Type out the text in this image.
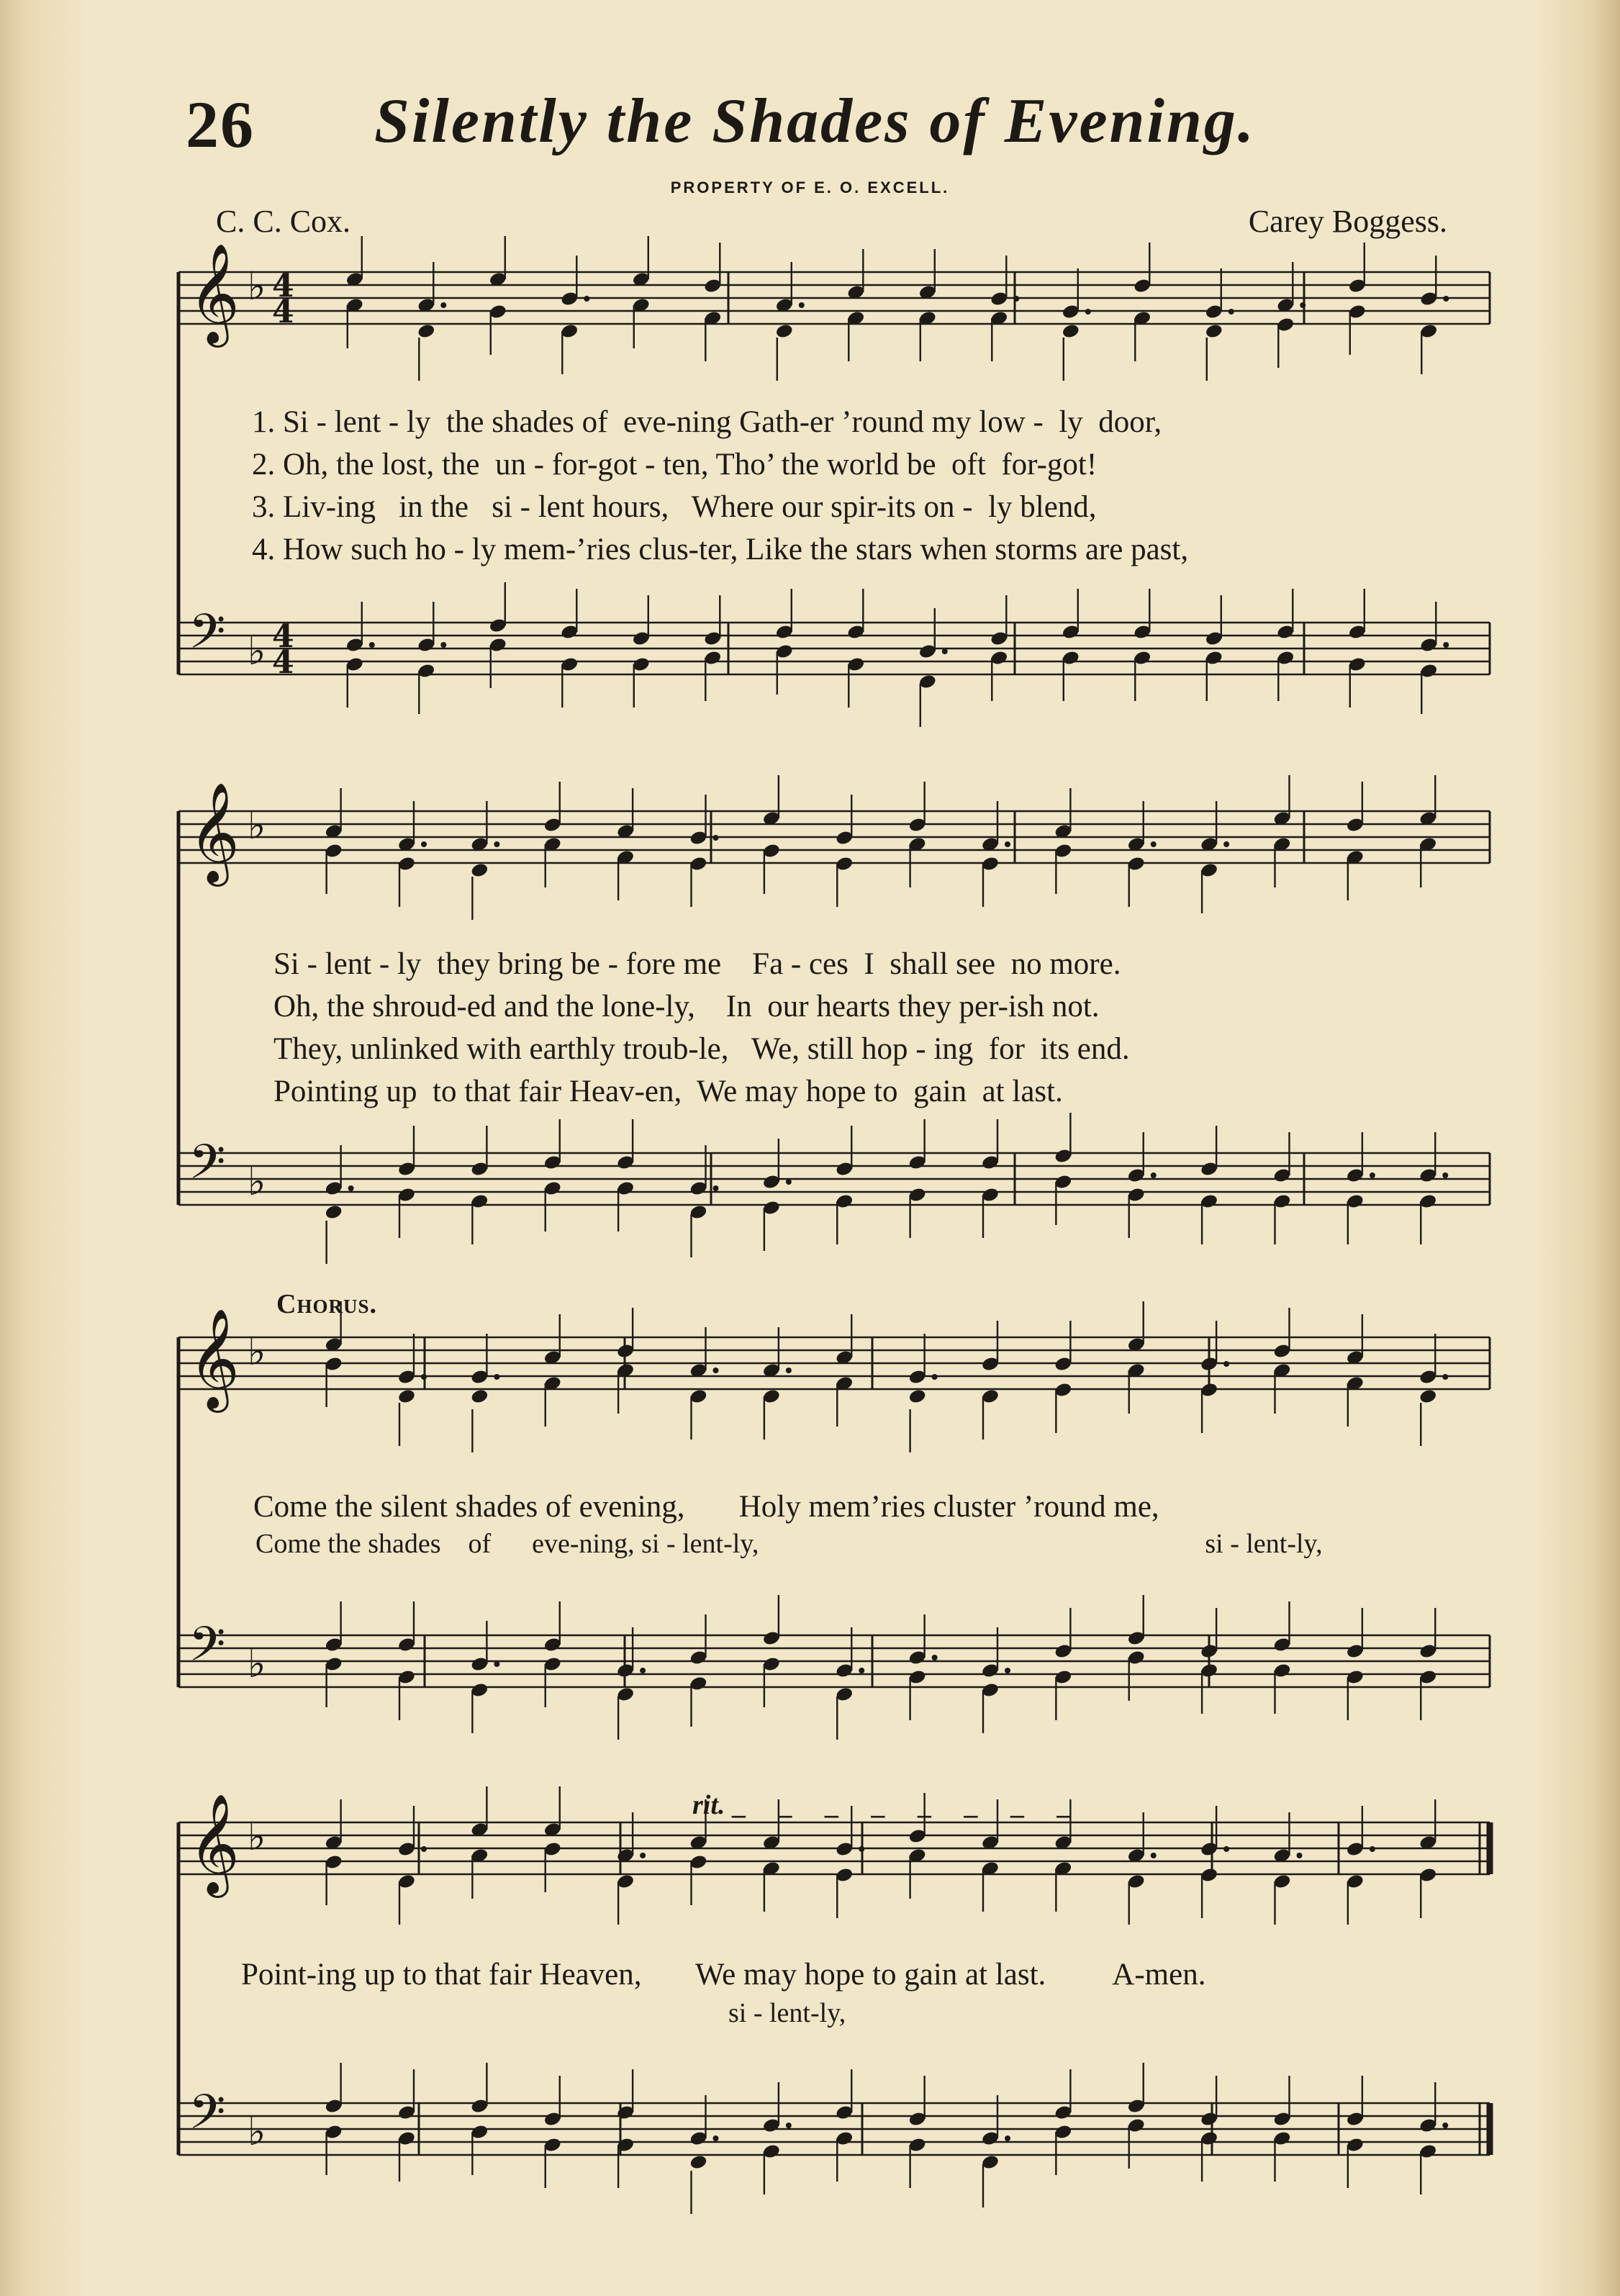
26 Silently the Shades of Evening.
PROPERTY OF E. O. EXCELL.
C. C. Cox.	Carey Boggess.
𝄞 ♭ 4
4
𝄢 ♭ 4
4
𝄞 ♭
𝄢 ♭
𝄞 ♭
𝄢 ♭
𝄞 ♭
𝄢 ♭
1. Si - lent - ly the shades of eve-ning Gath-er ’round my low - ly door,
2. Oh, the lost, the un - for-got - ten, Tho’ the world be oft for-got!
3. Liv-ing in the si - lent hours, Where our spir-its on - ly blend,
4. How such ho - ly mem-’ries clus-ter, Like the stars when storms are past,
Si - lent - ly they bring be - fore me Fa - ces I shall see no more.
Oh, the shroud-ed and the lone-ly, In our hearts they per-ish not.
They, unlinked with earthly troub-le, We, still hop - ing for its end.
Pointing up to that fair Heav-en, We may hope to gain at last.
Chorus.
Come the silent shades of evening, Holy mem’ries cluster ’round me,
Come the shades of eve-ning, si - lent-ly,	si - lent-ly,
rit. _ _ _ _ _ _ _ _
Point-ing up to that fair Heaven, We may hope to gain at last. A-men.
si - lent-ly,
